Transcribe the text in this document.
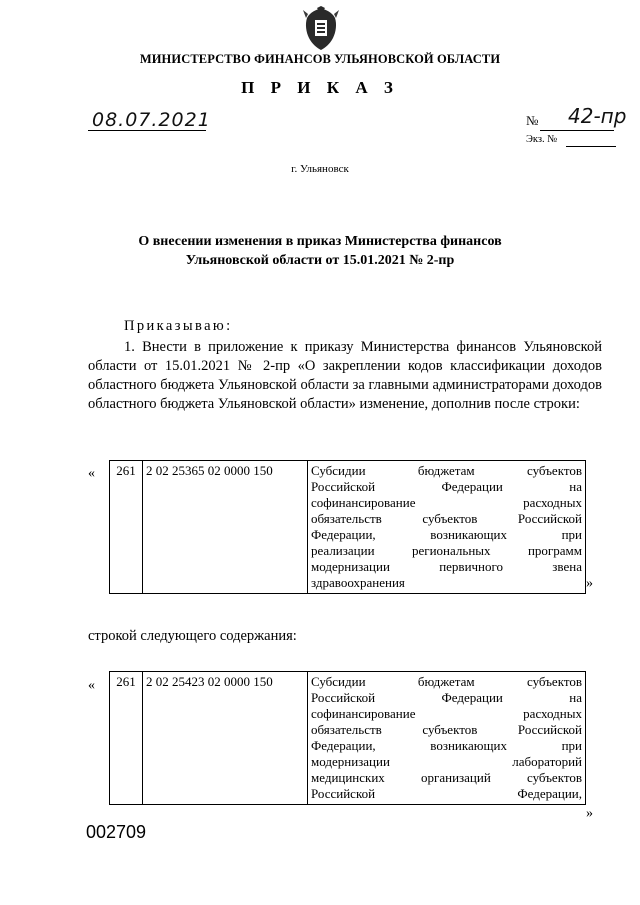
МИНИСТЕРСТВО ФИНАНСОВ УЛЬЯНОВСКОЙ ОБЛАСТИ
П Р И К А З
08.07.2021	№ 42-пр
Экз. №
г. Ульяновск
О внесении изменения в приказ Министерства финансов
Ульяновской области от 15.01.2021 № 2-пр
Приказываю:
1. Внести в приложение к приказу Министерства финансов Ульяновской области от 15.01.2021 № 2-пр «О закреплении кодов классификации доходов областного бюджета Ульяновской области за главными администраторами доходов областного бюджета Ульяновской области» изменение, дополнив после строки:
« 261	2 02 25365 02 0000 150	Субсидии бюджетам субъектов
Российской Федерации на
софинансирование расходных
обязательств субъектов Российской
Федерации, возникающих при
реализации региональных программ
модернизации первичного звена
здравоохранения	»
строкой следующего содержания:
« 261	2 02 25423 02 0000 150	Субсидии бюджетам субъектов
Российской Федерации на
софинансирование расходных
обязательств субъектов Российской
Федерации, возникающих при
модернизации лабораторий
медицинских организаций субъектов
Российской Федерации,
»
002709
